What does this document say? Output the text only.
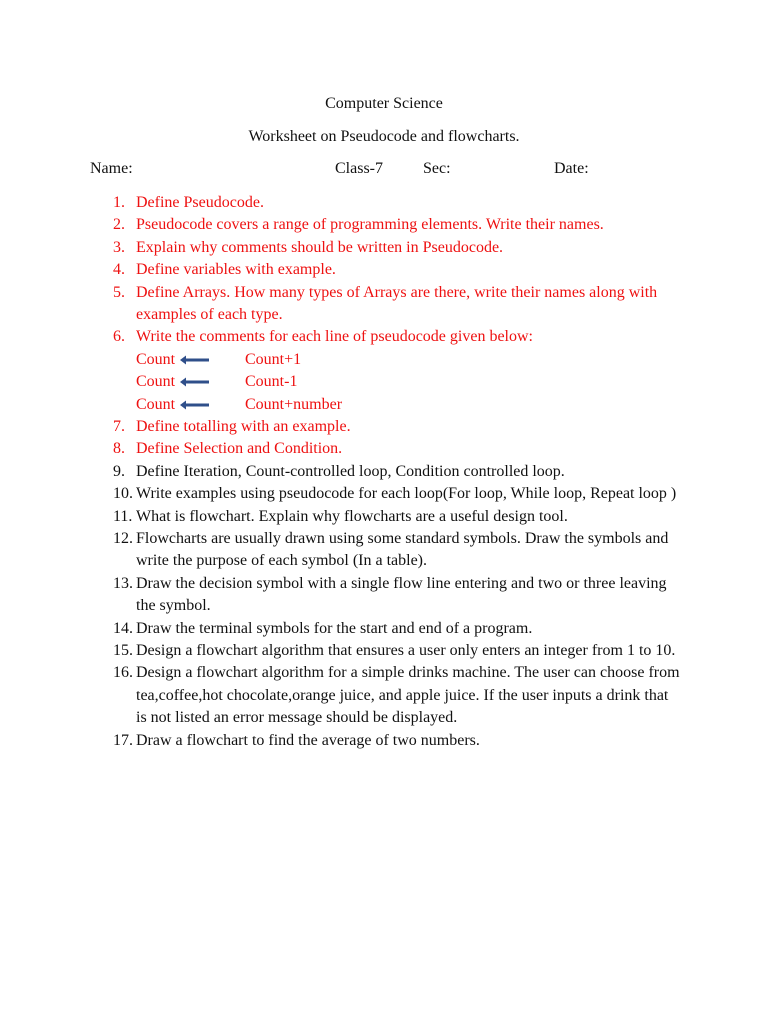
Computer Science
Worksheet on Pseudocode and flowcharts.
Name:	Class-7	Sec:	Date:
1. Define Pseudocode.
2. Pseudocode covers a range of programming elements. Write their names.
3. Explain why comments should be written in Pseudocode.
4. Define variables with example.
5. Define Arrays. How many types of Arrays are there, write their names along with examples of each type.
6. Write the comments for each line of pseudocode given below:
Count	Count+1
Count	Count-1
Count	Count+number
7. Define totalling with an example.
8. Define Selection and Condition.
9. Define Iteration, Count-controlled loop, Condition controlled loop.
10. Write examples using pseudocode for each loop(For loop, While loop, Repeat loop )
11. What is flowchart. Explain why flowcharts are a useful design tool.
12. Flowcharts are usually drawn using some standard symbols. Draw the symbols and write the purpose of each symbol (In a table).
13. Draw the decision symbol with a single flow line entering and two or three leaving the symbol.
14. Draw the terminal symbols for the start and end of a program.
15. Design a flowchart algorithm that ensures a user only enters an integer from 1 to 10.
16. Design a flowchart algorithm for a simple drinks machine. The user can choose from tea,coffee,hot chocolate,orange juice, and apple juice. If the user inputs a drink that is not listed an error message should be displayed.
17. Draw a flowchart to find the average of two numbers.
